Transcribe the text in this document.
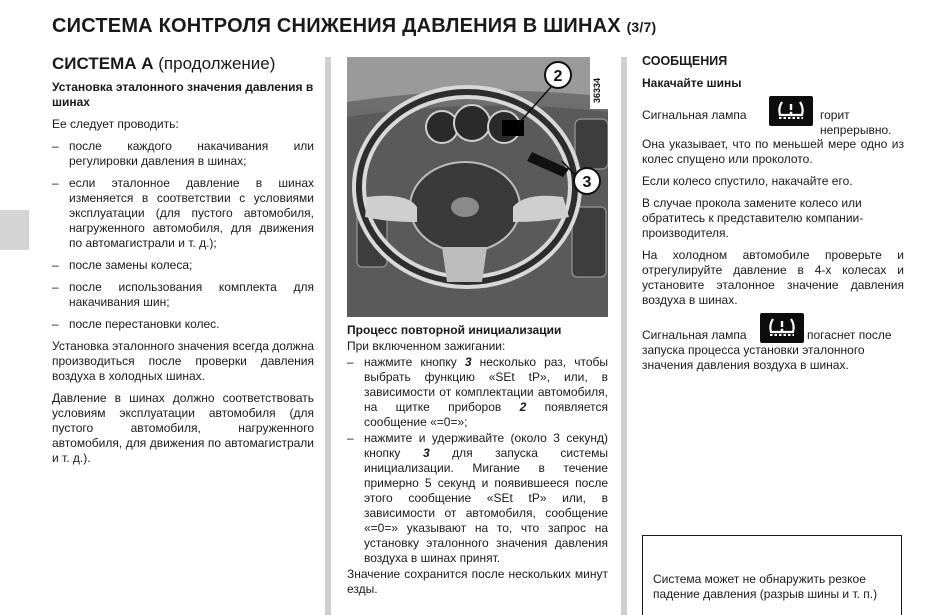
СИСТЕМА КОНТРОЛЯ СНИЖЕНИЯ ДАВЛЕНИЯ В ШИНАХ (3/7)
СИСТЕМА А (продолжение)

Установка эталонного значения давления в шинах

Ее следует проводить:

– после каждого накачивания или регулировки давления в шинах;
– если эталонное давление в шинах изменяется в соответствии с условиями эксплуатации (для пустого автомобиля, нагруженного автомобиля, для движения по автомагистрали и т. д.);
– после замены колеса;
– после использования комплекта для накачивания шин;
– после перестановки колес.

Установка эталонного значения всегда должна производиться после проверки давления воздуха в холодных шинах.

Давление в шинах должно соответствовать условиям эксплуатации автомобиля (для пустого автомобиля, нагруженного автомобиля, для движения по автомагистрали и т. д.).

2
3
36334

Процесс повторной инициализации

При включенном зажигании:

– нажмите кнопку 3 несколько раз, чтобы выбрать функцию «SEt tP», или, в зависимости от комплектации автомобиля, на щитке приборов 2 появляется сообщение «=0=»;
– нажмите и удерживайте (около 3 секунд) кнопку 3 для запуска системы инициализации. Мигание в течение примерно 5 секунд и появившееся после этого сообщение «SEt tP» или, в зависимости от автомобиля, сообщение «=0=» указывают на то, что запрос на установку эталонного значения давления воздуха в шинах принят.

Значение сохранится после нескольких минут езды.

СООБЩЕНИЯ

Накачайте шины

Сигнальная лампа	горит непрерывно.

Она указывает, что по меньшей мере одно из колес спущено или проколото.

Если колесо спустило, накачайте его.

В случае прокола замените колесо или обратитесь к представителю компании-производителя.

На холодном автомобиле проверьте и отрегулируйте давление в 4-х колесах и установите эталонное значение давления воздуха в шинах.

Сигнальная лампа	погаснет после запуска процесса установки эталонного значения давления воздуха в шинах.
Система может не обнаружить резкое падение давления (разрыв шины и т. п.)
